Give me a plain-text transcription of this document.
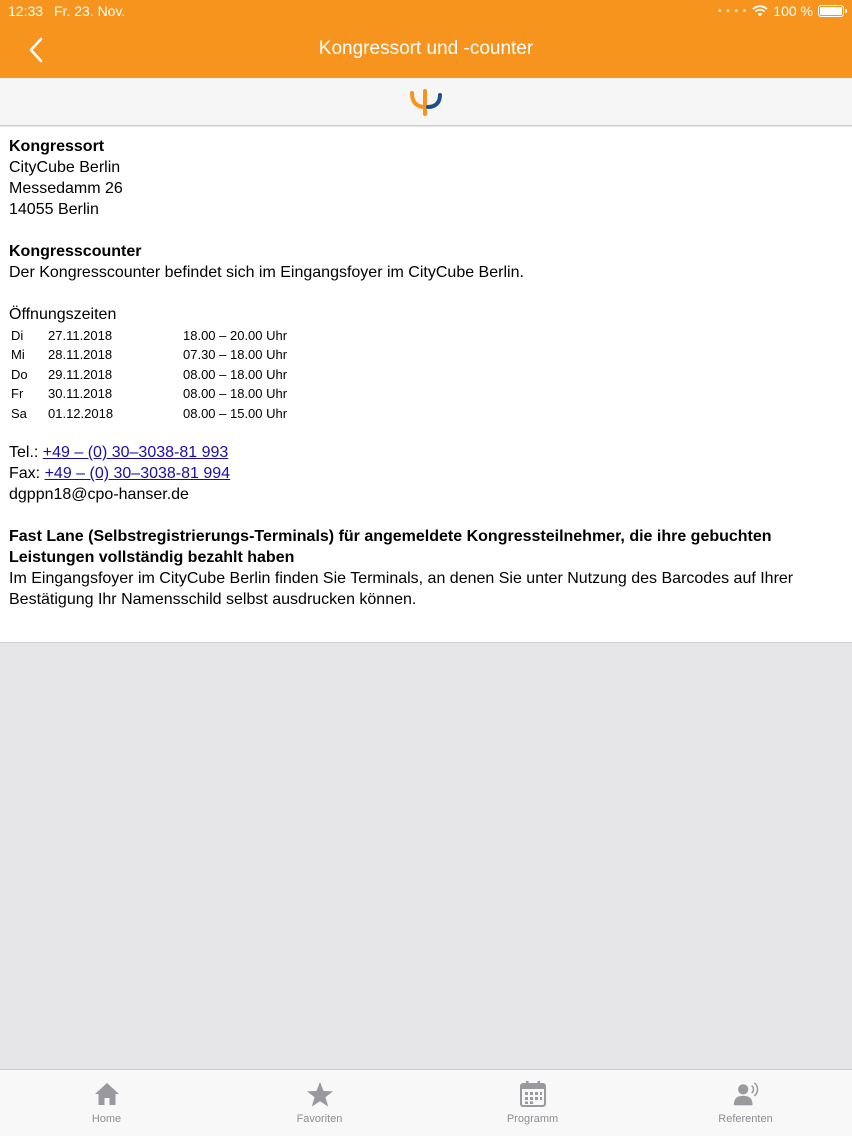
12:33 Fr. 23. Nov.	• • • • 100 %
Kongressort und -counter
Kongressort
CityCube Berlin
Messedamm 26
14055 Berlin
Kongresscounter
Der Kongresscounter befindet sich im Eingangsfoyer im CityCube Berlin.
Öffnungszeiten
Di	27.11.2018	18.00 – 20.00 Uhr
Mi	28.11.2018	07.30 – 18.00 Uhr
Do	29.11.2018	08.00 – 18.00 Uhr
Fr	30.11.2018	08.00 – 18.00 Uhr
Sa	01.12.2018	08.00 – 15.00 Uhr
Tel.: +49 – (0) 30–3038-81 993
Fax: +49 – (0) 30–3038-81 994
dgppn18@cpo-hanser.de
Fast Lane (Selbstregistrierungs-Terminals) für angemeldete Kongressteilnehmer, die ihre gebuchten Leistungen vollständig bezahlt haben
Im Eingangsfoyer im CityCube Berlin finden Sie Terminals, an denen Sie unter Nutzung des Barcodes auf Ihrer Bestätigung Ihr Namensschild selbst ausdrucken können.
Home	Favoriten	Programm	Referenten
